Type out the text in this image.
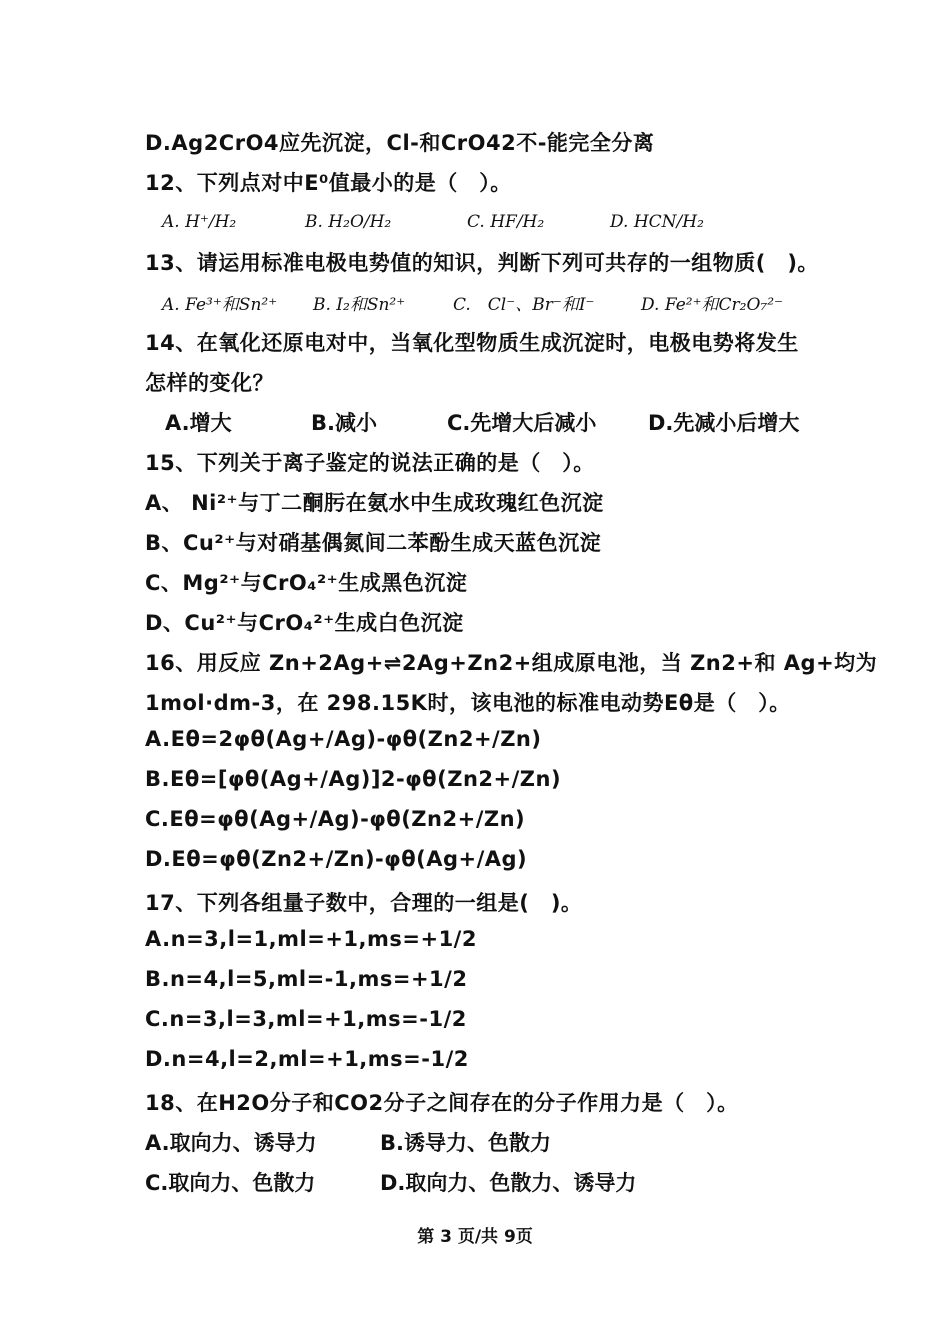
D.Ag2CrO4应先沉淀，Cl-和CrO42不-能完全分离
12、下列点对中E⁰值最小的是（　）。
A. H⁺/H₂	B. H₂O/H₂	C. HF/H₂	D. HCN/H₂
13、请运用标准电极电势值的知识，判断下列可共存的一组物质(　)。
A. Fe³⁺和Sn²⁺ B. I₂和Sn²⁺	C.　Cl⁻、Br⁻和I⁻	D. Fe²⁺和Cr₂O₇²⁻
14、在氧化还原电对中，当氧化型物质生成沉淀时，电极电势将发生
怎样的变化？
A.增大	B.减小	C.先增大后减小 D.先减小后增大
15、下列关于离子鉴定的说法正确的是（　）。
A、 Ni²⁺与丁二酮肟在氨水中生成玫瑰红色沉淀
B、Cu²⁺与对硝基偶氮间二苯酚生成天蓝色沉淀
C、Mg²⁺与CrO₄²⁺生成黑色沉淀
D、Cu²⁺与CrO₄²⁺生成白色沉淀
16、用反应 Zn+2Ag+⇌2Ag+Zn2+组成原电池，当 Zn2+和 Ag+均为
1mol·dm-3，在 298.15K时，该电池的标准电动势Eθ是（　）。
A.Eθ=2φθ(Ag+/Ag)-φθ(Zn2+/Zn)
B.Eθ=[φθ(Ag+/Ag)]2-φθ(Zn2+/Zn)
C.Eθ=φθ(Ag+/Ag)-φθ(Zn2+/Zn)
D.Eθ=φθ(Zn2+/Zn)-φθ(Ag+/Ag)
17、下列各组量子数中，合理的一组是(　)。
A.n=3,l=1,ml=+1,ms=+1/2
B.n=4,l=5,ml=-1,ms=+1/2
C.n=3,l=3,ml=+1,ms=-1/2
D.n=4,l=2,ml=+1,ms=-1/2
18、在H2O分子和CO2分子之间存在的分子作用力是（　）。
A.取向力、诱导力	B.诱导力、色散力
C.取向力、色散力	D.取向力、色散力、诱导力
第 3 页/共 9页
